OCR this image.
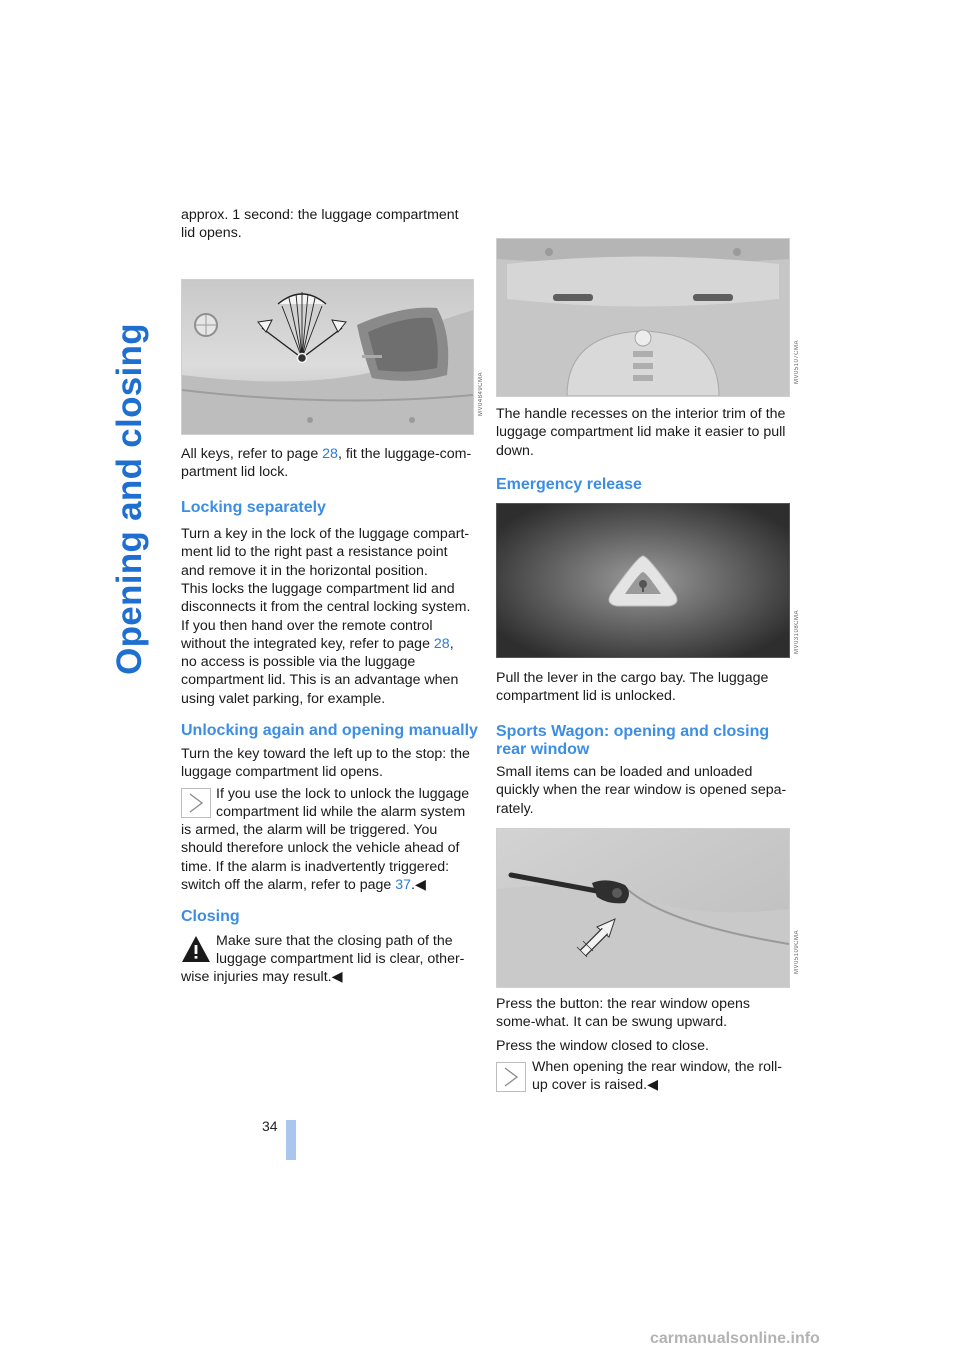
Opening and closing
34

approx. 1 second: the luggage compartment lid opens.

MV04849CMA

All keys, refer to page 28, fit the luggage-com-partment lid lock.

Locking separately

Turn a key in the lock of the luggage compart-ment lid to the right past a resistance point and remove it in the horizontal position.

This locks the luggage compartment lid and disconnects it from the central locking system. If you then hand over the remote control without the integrated key, refer to page 28, no access is possible via the luggage compartment lid. This is an advantage when using valet parking, for example.

Unlocking again and opening manually

Turn the key toward the left up to the stop: the luggage compartment lid opens.

If you use the lock to unlock the luggage

compartment lid while the alarm system

is armed, the alarm will be triggered. You should therefore unlock the vehicle ahead of time. If the alarm is inadvertently triggered: switch off the alarm, refer to page 37.◀

Closing

Make sure that the closing path of the

luggage compartment lid is clear, other-

wise injuries may result.◀

MV05107CMA

The handle recesses on the interior trim of the luggage compartment lid make it easier to pull down.

Emergency release
MV03108CMA

Pull the lever in the cargo bay. The luggage compartment lid is unlocked.

Sports Wagon: opening and closing rear window

Small items can be loaded and unloaded quickly when the rear window is opened sepa-rately.

MV05109CMA

Press the button: the rear window opens some-what. It can be swung upward.

Press the window closed to close.

When opening the rear window, the roll-

up cover is raised.◀

carmanualsonline.info
